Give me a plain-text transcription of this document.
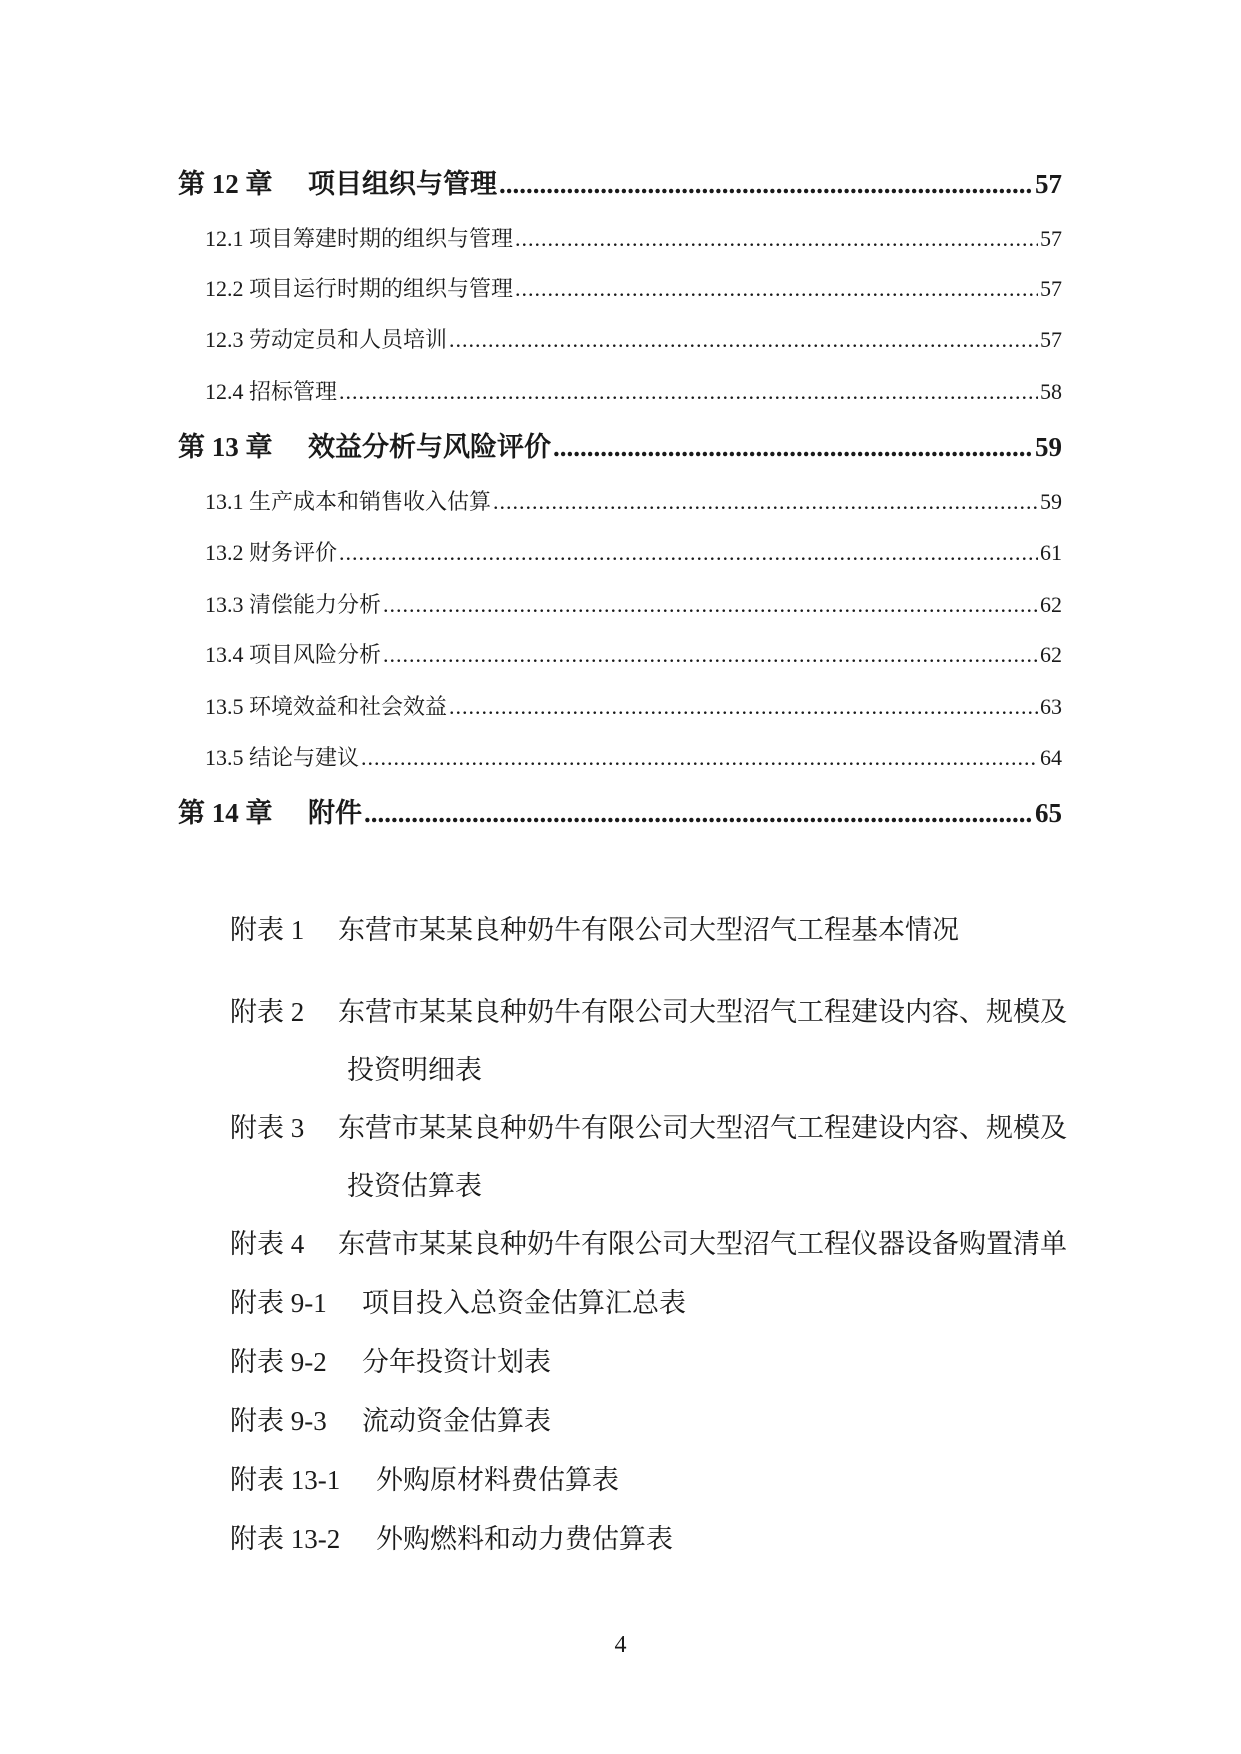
第 12 章 项目组织与管理 .....	57
12.1 项目筹建时期的组织与管理 .....	57
12.2 项目运行时期的组织与管理 .....	57
12.3 劳动定员和人员培训 .....	57
12.4 招标管理 .....	58
第 13 章 效益分析与风险评价 .....	59
13.1 生产成本和销售收入估算 .....	59
13.2 财务评价 .....	61
13.3 清偿能力分析 .....	62
13.4 项目风险分析 .....	62
13.5 环境效益和社会效益 .....	63
13.5 结论与建议 .....	64
第 14 章 附件 .....	65
附表 1 东营市某某良种奶牛有限公司大型沼气工程基本情况
附表 2 东营市某某良种奶牛有限公司大型沼气工程建设内容、规模及
投资明细表
附表 3 东营市某某良种奶牛有限公司大型沼气工程建设内容、规模及
投资估算表
附表 4 东营市某某良种奶牛有限公司大型沼气工程仪器设备购置清单
附表 9-1 项目投入总资金估算汇总表
附表 9-2 分年投资计划表
附表 9-3 流动资金估算表
附表 13-1 外购原材料费估算表
附表 13-2 外购燃料和动力费估算表
4
